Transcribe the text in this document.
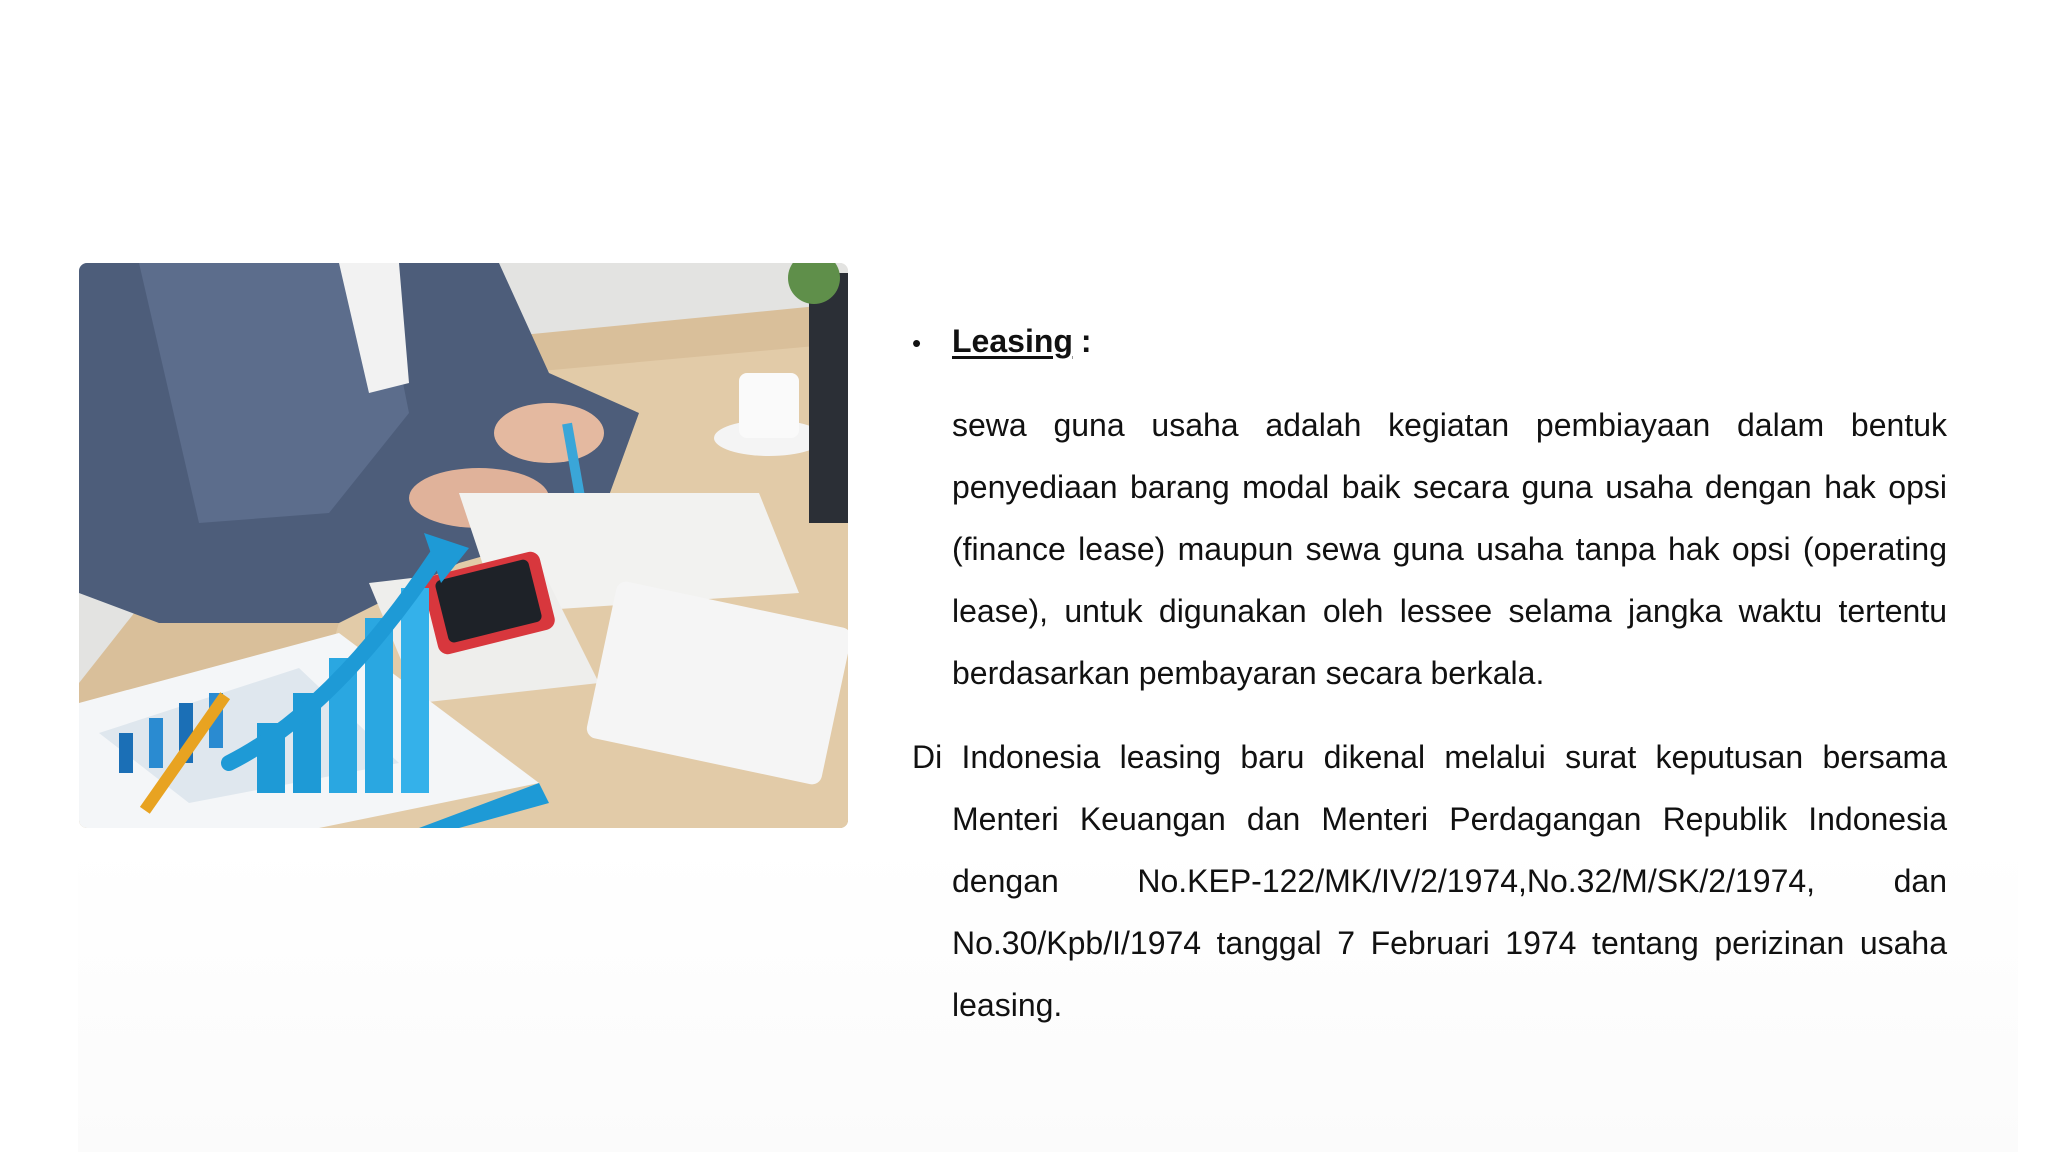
• Leasing :

sewa guna usaha adalah kegiatan pembiayaan dalam bentuk penyediaan barang modal baik secara guna usaha dengan hak opsi (finance lease) maupun sewa guna usaha tanpa hak opsi (operating lease), untuk digunakan oleh lessee selama jangka waktu tertentu berdasarkan pembayaran secara berkala.

Di Indonesia leasing baru dikenal melalui surat keputusan bersama Menteri Keuangan dan Menteri Perdagangan Republik Indonesia dengan No.KEP-122/MK/IV/2/1974,No.32/M/SK/2/1974, dan No.30/Kpb/I/1974 tanggal 7 Februari 1974 tentang perizinan usaha leasing.
